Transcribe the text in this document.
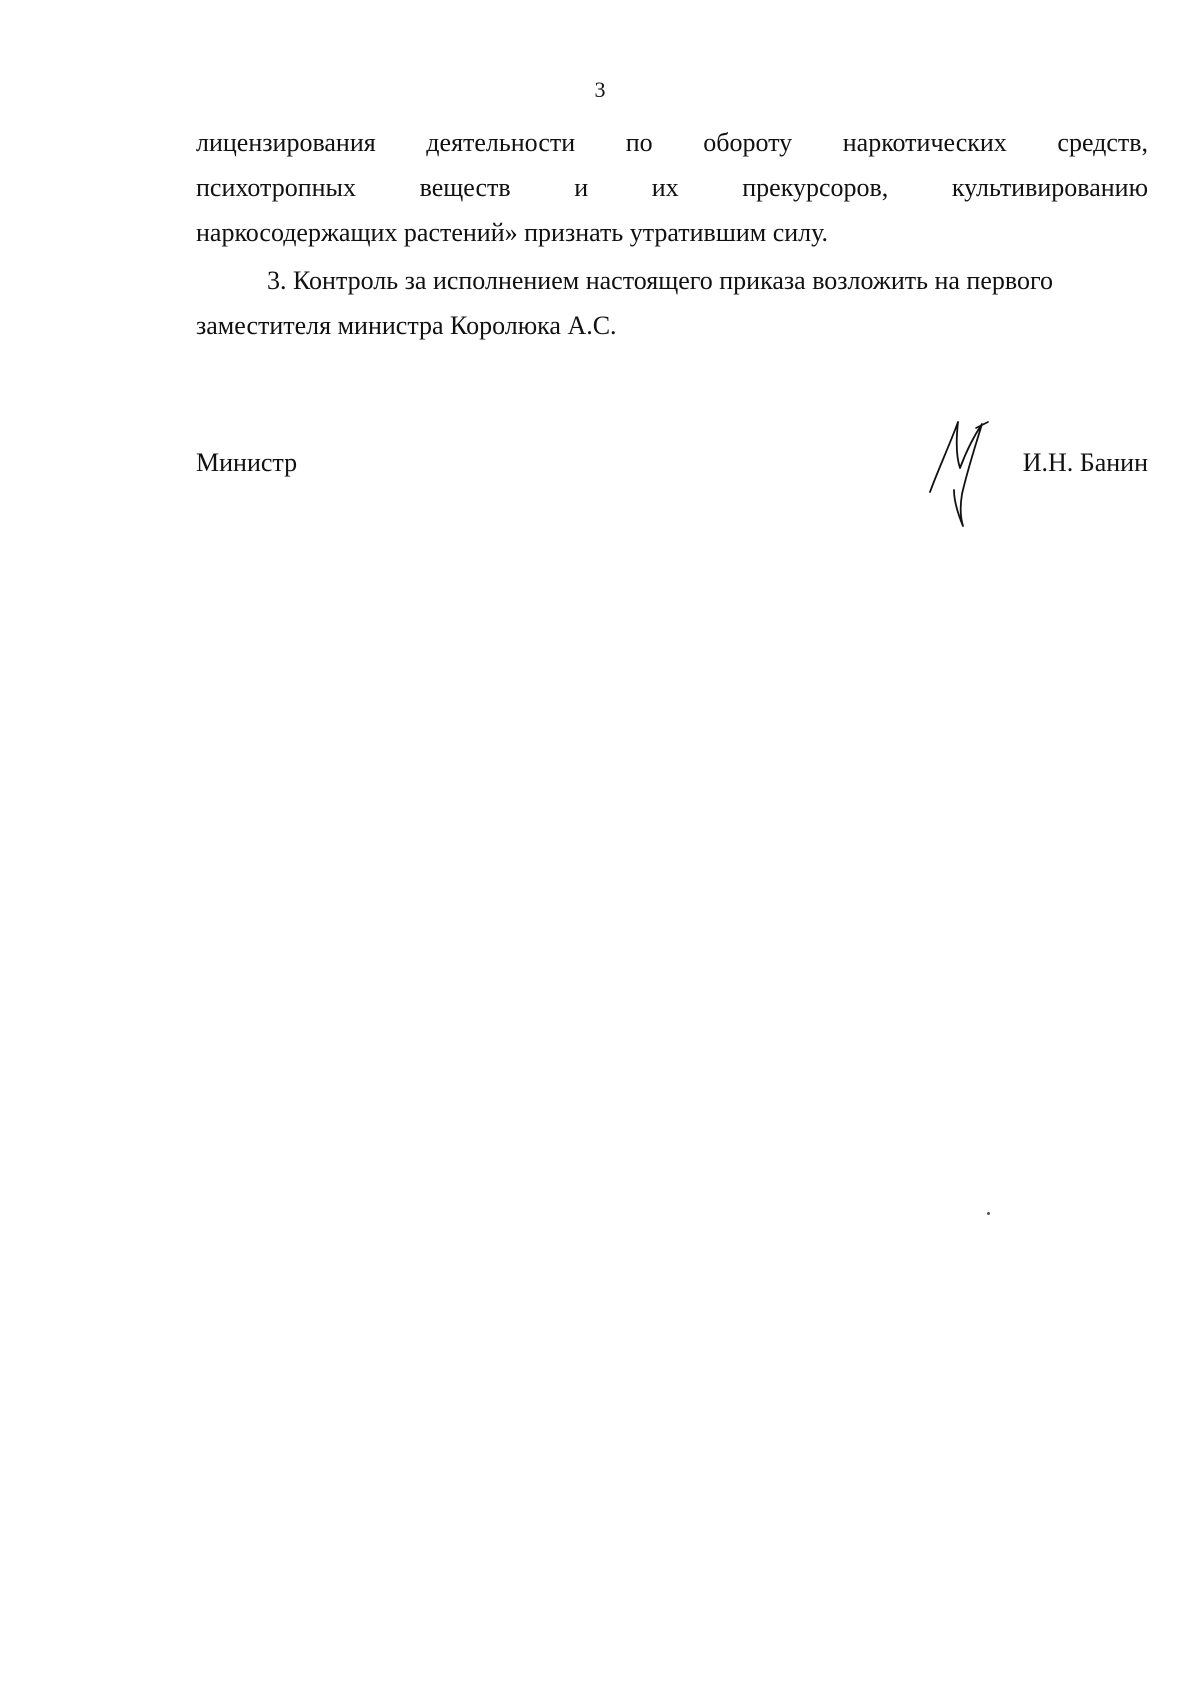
3
лицензирования деятельности по обороту наркотических средств,
психотропных веществ и их прекурсоров, культивированию
наркосодержащих растений» признать утратившим силу.
3. Контроль за исполнением настоящего приказа возложить на первого
заместителя министра Королюка А.С.
Министр	И.Н. Банин
